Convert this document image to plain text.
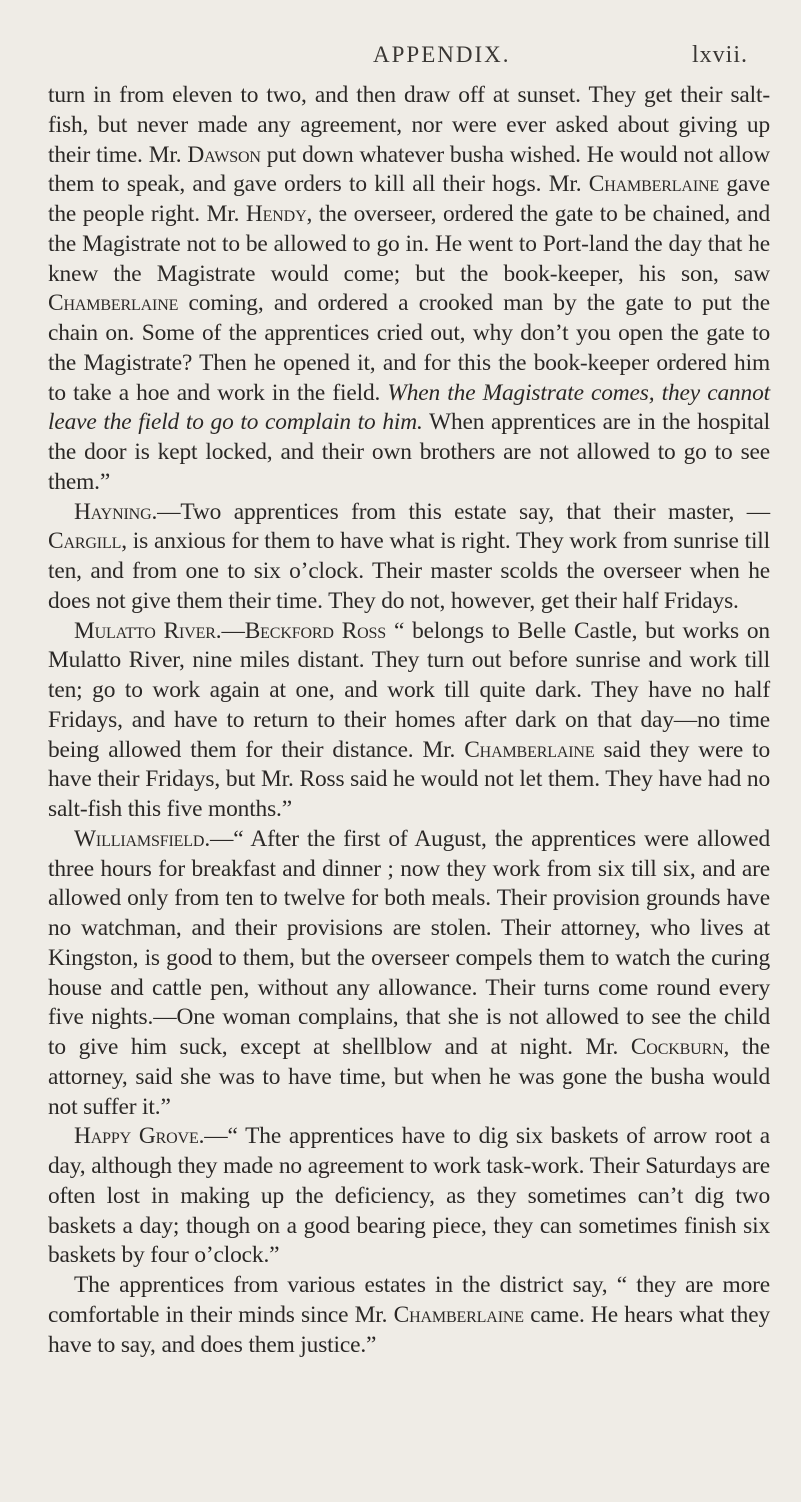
APPENDIX.	lxvii.

turn in from eleven to two, and then draw off at sunset. They get their salt-fish, but never made any agreement, nor were ever asked about giving up their time. Mr. Dawson put down whatever busha wished. He would not allow them to speak, and gave orders to kill all their hogs. Mr. Chamberlaine gave the people right. Mr. Hendy, the overseer, ordered the gate to be chained, and the Magistrate not to be allowed to go in. He went to Port-land the day that he knew the Magistrate would come; but the book-keeper, his son, saw Chamberlaine coming, and ordered a crooked man by the gate to put the chain on. Some of the apprentices cried out, why don’t you open the gate to the Magistrate? Then he opened it, and for this the book-keeper ordered him to take a hoe and work in the field. When the Magistrate comes, they cannot leave the field to go to complain to him. When apprentices are in the hospital the door is kept locked, and their own brothers are not allowed to go to see them.”

Hayning.—Two apprentices from this estate say, that their master, — Cargill, is anxious for them to have what is right. They work from sunrise till ten, and from one to six o’clock. Their master scolds the overseer when he does not give them their time. They do not, however, get their half Fridays.

Mulatto River.—Beckford Ross “ belongs to Belle Castle, but works on Mulatto River, nine miles distant. They turn out before sunrise and work till ten; go to work again at one, and work till quite dark. They have no half Fridays, and have to return to their homes after dark on that day—no time being allowed them for their distance. Mr. Chamberlaine said they were to have their Fridays, but Mr. Ross said he would not let them. They have had no salt-fish this five months.”

Williamsfield.—“ After the first of August, the apprentices were allowed three hours for breakfast and dinner ; now they work from six till six, and are allowed only from ten to twelve for both meals. Their provision grounds have no watchman, and their provisions are stolen. Their attorney, who lives at Kingston, is good to them, but the overseer compels them to watch the curing house and cattle pen, without any allowance. Their turns come round every five nights.—One woman complains, that she is not allowed to see the child to give him suck, except at shellblow and at night. Mr. Cockburn, the attorney, said she was to have time, but when he was gone the busha would not suffer it.”

Happy Grove.—“ The apprentices have to dig six baskets of arrow root a day, although they made no agreement to work task-work. Their Saturdays are often lost in making up the deficiency, as they sometimes can’t dig two baskets a day; though on a good bearing piece, they can sometimes finish six baskets by four o’clock.”

The apprentices from various estates in the district say, “ they are more comfortable in their minds since Mr. Chamberlaine came. He hears what they have to say, and does them justice.”
